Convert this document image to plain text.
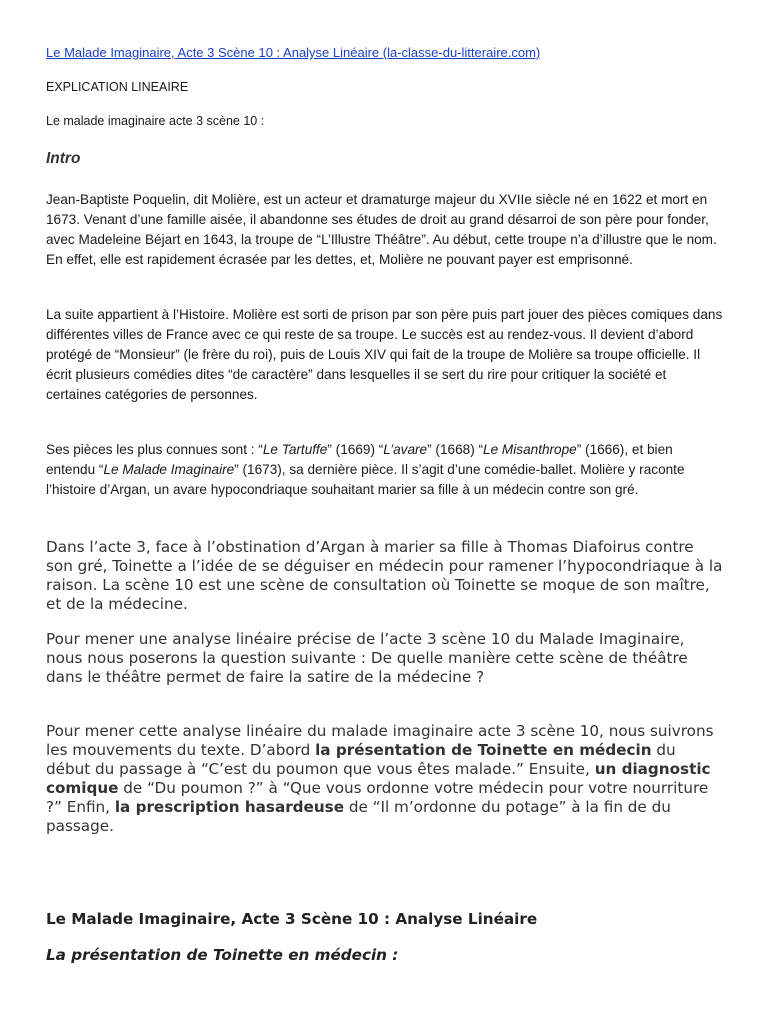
Le Malade Imaginaire, Acte 3 Scène 10 : Analyse Linéaire (la-classe-du-litteraire.com)
EXPLICATION LINEAIRE
Le malade imaginaire acte 3 scène 10 :
Intro

Jean-Baptiste Poquelin, dit Molière, est un acteur et dramaturge majeur du XVIIe siècle né en 1622 et mort en 1673. Venant d’une famille aisée, il abandonne ses études de droit au grand désarroi de son père pour fonder, avec Madeleine Béjart en 1643, la troupe de “L’Illustre Théâtre”. Au début, cette troupe n’a d’illustre que le nom. En effet, elle est rapidement écrasée par les dettes, et, Molière ne pouvant payer est emprisonné.

La suite appartient à l’Histoire. Molière est sorti de prison par son père puis part jouer des pièces comiques dans différentes villes de France avec ce qui reste de sa troupe. Le succès est au rendez-vous. Il devient d’abord protégé de “Monsieur” (le frère du roi), puis de Louis XIV qui fait de la troupe de Molière sa troupe officielle. Il écrit plusieurs comédies dites “de caractère” dans lesquelles il se sert du rire pour critiquer la société et certaines catégories de personnes.

Ses pièces les plus connues sont : “Le Tartuffe” (1669) “L’avare” (1668) “Le Misanthrope” (1666), et bien entendu “Le Malade Imaginaire” (1673), sa dernière pièce. Il s’agit d’une comédie-ballet. Molière y raconte l’histoire d’Argan, un avare hypocondriaque souhaitant marier sa fille à un médecin contre son gré.

Dans l’acte 3, face à l’obstination d’Argan à marier sa fille à Thomas Diafoirus contre son gré, Toinette a l’idée de se déguiser en médecin pour ramener l’hypocondriaque à la raison. La scène 10 est une scène de consultation où Toinette se moque de son maître, et de la médecine.

Pour mener une analyse linéaire précise de l’acte 3 scène 10 du Malade Imaginaire, nous nous poserons la question suivante : De quelle manière cette scène de théâtre dans le théâtre permet de faire la satire de la médecine ?

Pour mener cette analyse linéaire du malade imaginaire acte 3 scène 10, nous suivrons les mouvements du texte. D’abord la présentation de Toinette en médecin du début du passage à “C’est du poumon que vous êtes malade.” Ensuite, un diagnostic comique de “Du poumon ?” à “Que vous ordonne votre médecin pour votre nourriture ?” Enfin, la prescription hasardeuse de “Il m’ordonne du potage” à la fin de du passage.

Le Malade Imaginaire, Acte 3 Scène 10 : Analyse Linéaire
La présentation de Toinette en médecin :
